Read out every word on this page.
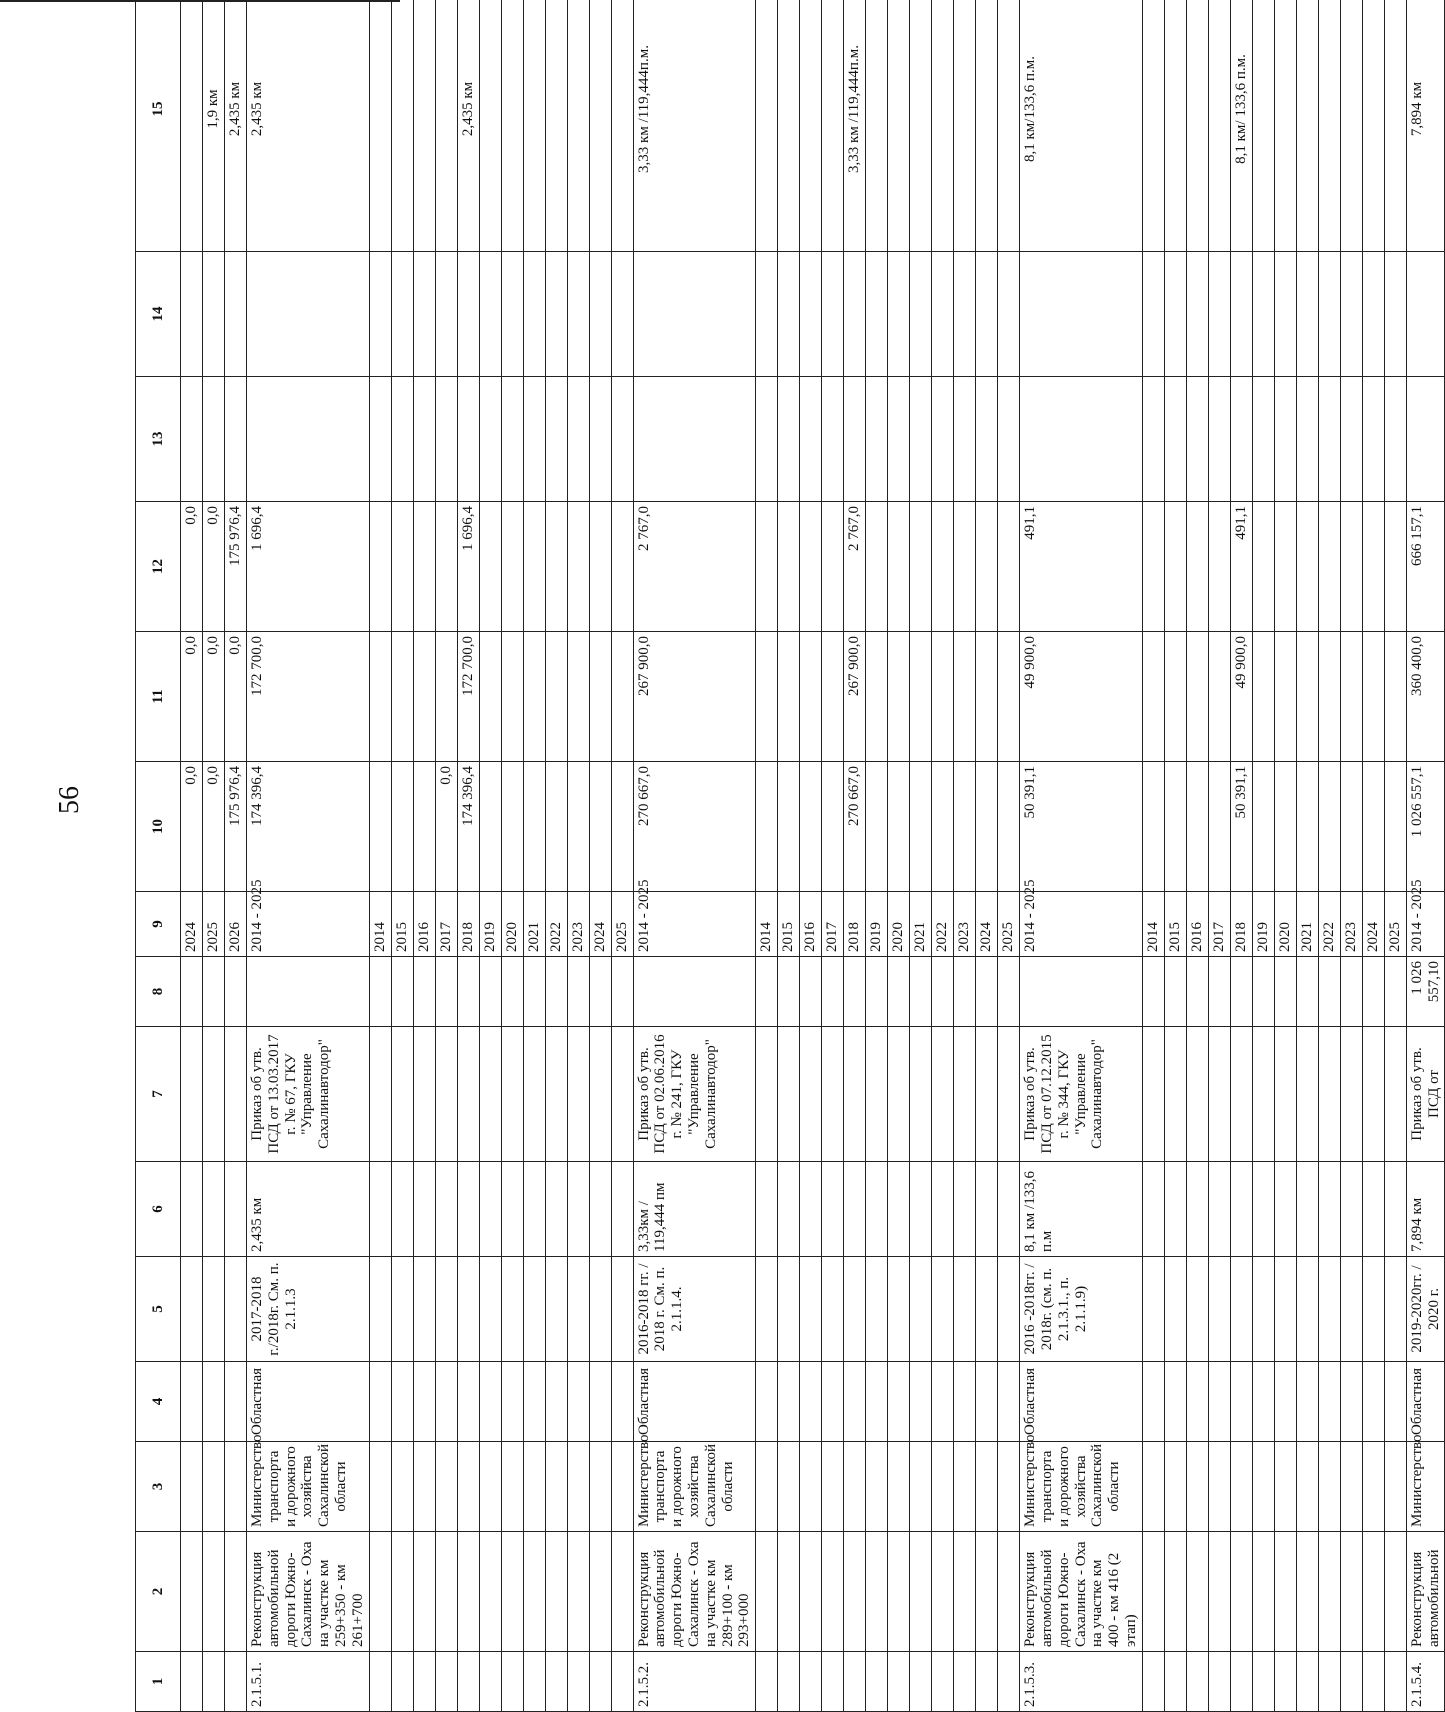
56
1	2	3	4	5	6	7	8	9	10	11	12	13	14	15
								2024	0,0	0,0	0,0			
								2025	0,0	0,0	0,0			1,9 км
								2026	175 976,4	0,0	175 976,4			2,435 км
2.1.5.1.	Реконструкция автомобильной дороги Южно-Сахалинск - Оха на участке км 259+350 - км 261+700	Министерство транспорта и дорожного хозяйства Сахалинской области	Областная	2017-2018 г./2018г. См. п. 2.1.1.3	2,435 км	Приказ об утв. ПСД от 13.03.2017 г. № 67, ГКУ "Управление Сахалинавтодор"		2014 - 2025	174 396,4	172 700,0	1 696,4			2,435 км
								2014						
								2015						
								2016						
								2017	0,0					
								2018	174 396,4	172 700,0	1 696,4			2,435 км
								2019						
								2020						
								2021						
								2022						
								2023						
								2024						
								2025						
2.1.5.2.	Реконструкция автомобильной дороги Южно-Сахалинск - Оха на участке км 289+100 - км 293+000	Министерство транспорта и дорожного хозяйства Сахалинской области	Областная	2016-2018 гг. / 2018 г. См. п. 2.1.1.4.	3,33км / 119,444 пм	Приказ об утв. ПСД от 02.06.2016 г. № 241, ГКУ "Управление Сахалинавтодор"		2014 - 2025	270 667,0	267 900,0	2 767,0			3,33 км /119,444п.м.
								2014						
								2015						
								2016						
								2017						
								2018	270 667,0	267 900,0	2 767,0			3,33 км /119,444п.м.
								2019						
								2020						
								2021						
								2022						
								2023						
								2024						
								2025						
2.1.5.3.	Реконструкция автомобильной дороги Южно-Сахалинск - Оха на участке км 400 - км 416 (2 этап)	Министерство транспорта и дорожного хозяйства Сахалинской области	Областная	2016 -2018гг. / 2018г. (см. п. 2.1.3.1., п. 2.1.1.9)	8,1 км /133,6 п.м	Приказ об утв. ПСД от 07.12.2015 г. № 344, ГКУ "Управление Сахалинавтодор"		2014 - 2025	50 391,1	49 900,0	491,1			8,1 км/133,6 п.м.
								2014						
								2015						
								2016						
								2017						
								2018	50 391,1	49 900,0	491,1			8,1 км/ 133,6 п.м.
								2019						
								2020						
								2021						
								2022						
								2023						
								2024						
								2025						
2.1.5.4.	Реконструкция автомобильной	Министерство	Областная	2019-2020гг. / 2020 г.	7,894 км	Приказ об утв. ПСД от	1 026 557,10	2014 - 2025	1 026 557,1	360 400,0	666 157,1			7,894 км
